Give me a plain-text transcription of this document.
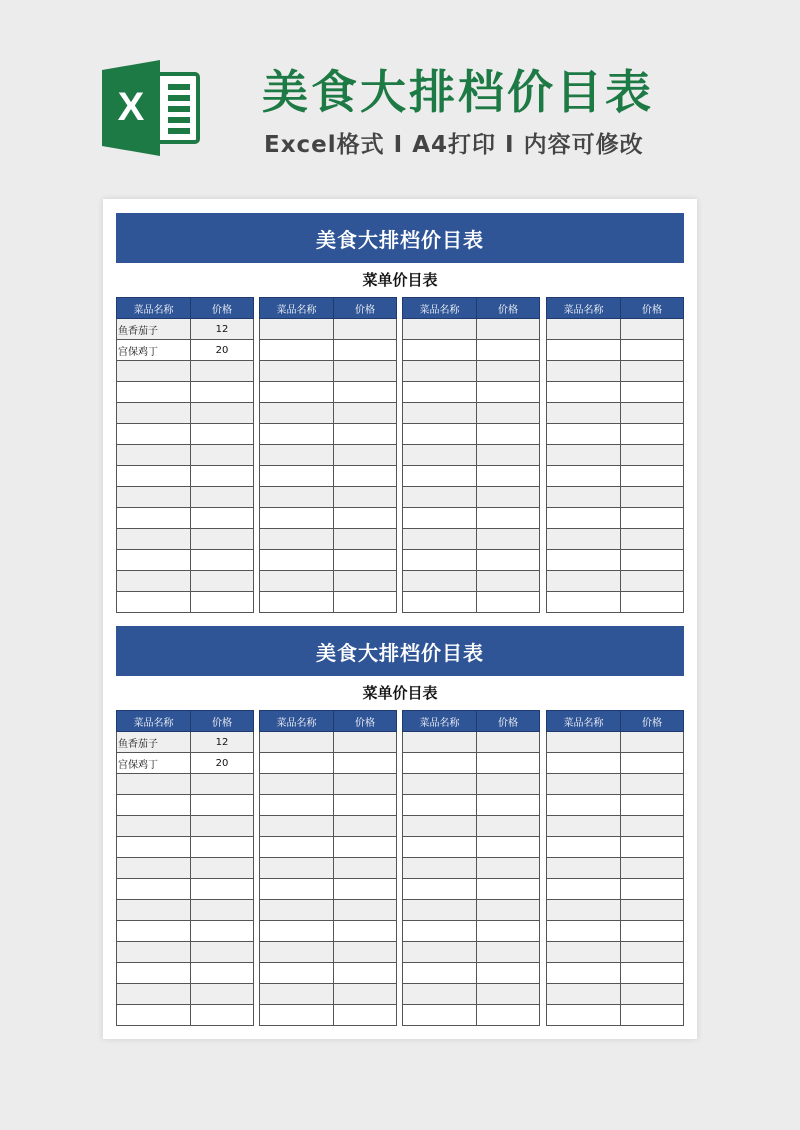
X	美食大排档价目表
Excel格式 I A4打印 I 内容可修改
美食大排档价目表
菜单价目表
菜品名称	价格
鱼香茄子	12
宫保鸡丁	20

菜品名称	价格

		菜品名称	价格

		菜品名称	价格

美食大排档价目表
菜单价目表
菜品名称	价格
鱼香茄子	12
宫保鸡丁	20

菜品名称	价格

		菜品名称	价格

		菜品名称	价格
